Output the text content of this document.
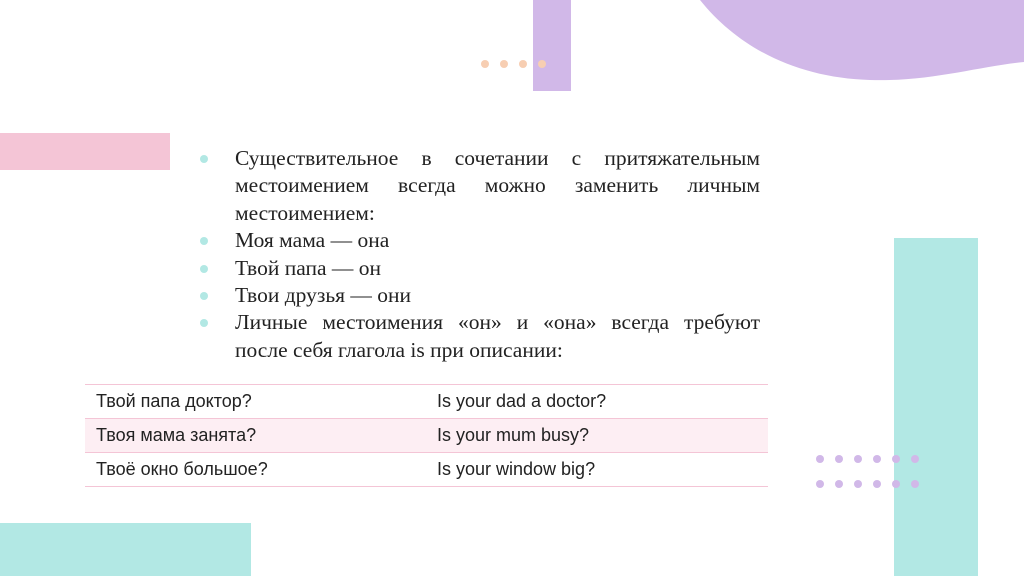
Существительное в сочетании с притяжательным местоимением всегда можно заменить личным местоимением:
Моя мама — она
Твой папа — он
Твои друзья — они
Личные местоимения «он» и «она» всегда требуют после себя глагола is при описании:
Твой папа доктор?	Is your dad a doctor?
Твоя мама занята?	Is your mum busy?
Твоё окно большое?	Is your window big?
